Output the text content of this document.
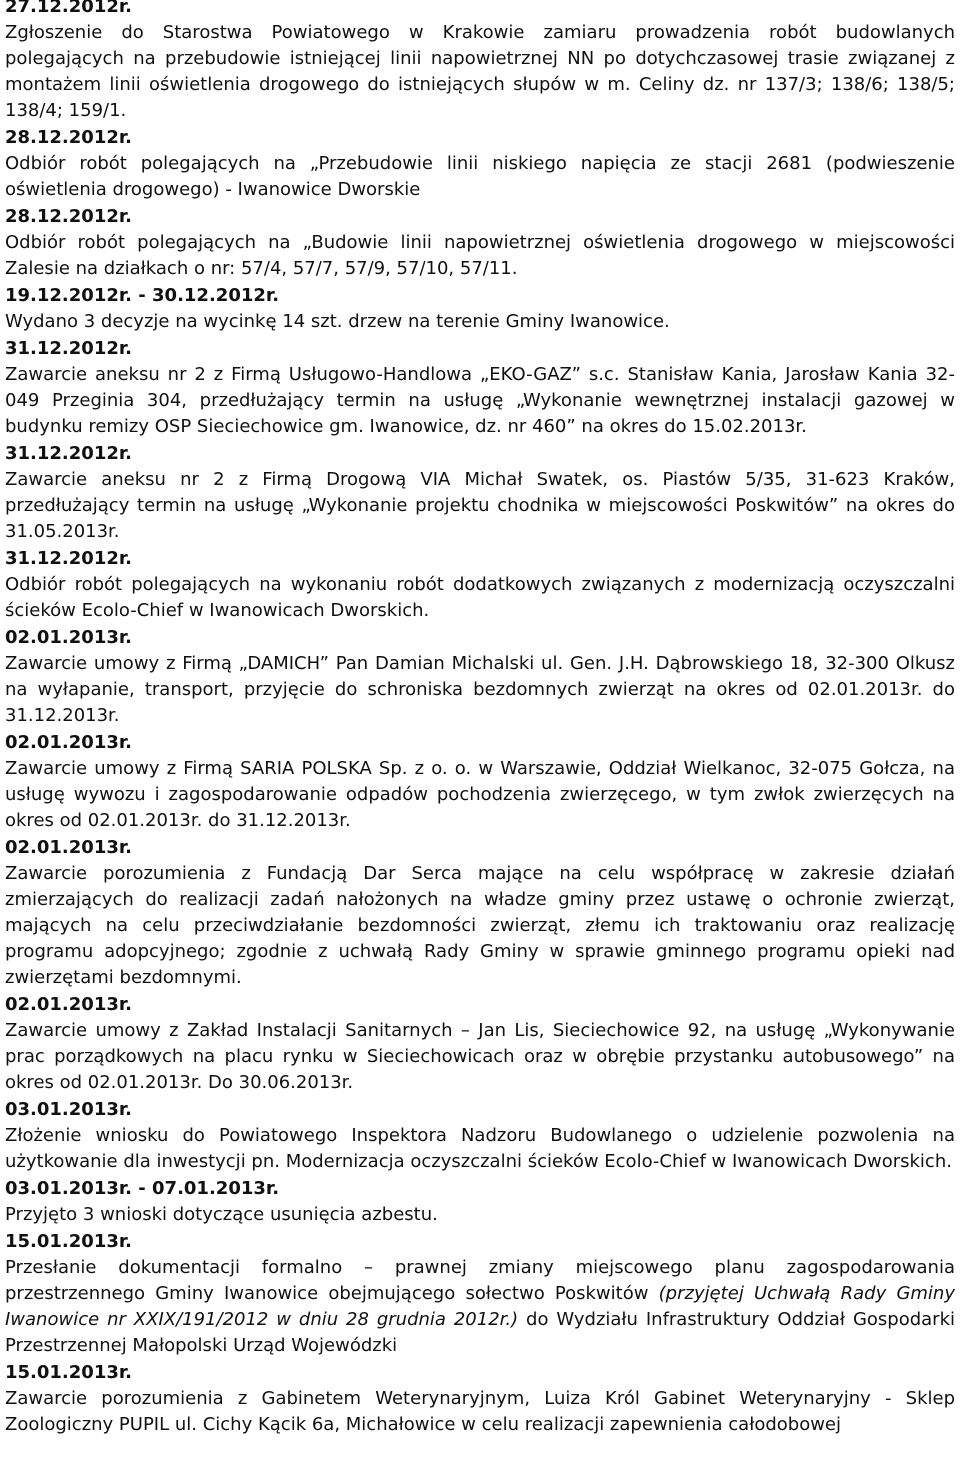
27.12.2012r.
Zgłoszenie do Starostwa Powiatowego w Krakowie zamiaru prowadzenia robót budowlanych polegających na przebudowie istniejącej linii napowietrznej NN po dotychczasowej trasie związanej z montażem linii oświetlenia drogowego do istniejących słupów w m. Celiny dz. nr 137/3; 138/6; 138/5; 138/4; 159/1.
28.12.2012r.
Odbiór robót polegających na „Przebudowie linii niskiego napięcia ze stacji 2681 (podwieszenie oświetlenia drogowego) - Iwanowice Dworskie
28.12.2012r.
Odbiór robót polegających na „Budowie linii napowietrznej oświetlenia drogowego w miejscowości Zalesie na działkach o nr: 57/4, 57/7, 57/9, 57/10, 57/11.
19.12.2012r. - 30.12.2012r.
Wydano 3 decyzje na wycinkę 14 szt. drzew na terenie Gminy Iwanowice.
31.12.2012r.
Zawarcie aneksu nr 2 z Firmą Usługowo-Handlowa „EKO-GAZ” s.c. Stanisław Kania, Jarosław Kania 32-049 Przeginia 304, przedłużający termin na usługę „Wykonanie wewnętrznej instalacji gazowej w budynku remizy OSP Sieciechowice gm. Iwanowice, dz. nr 460” na okres do 15.02.2013r.
31.12.2012r.
Zawarcie aneksu nr 2 z Firmą Drogową VIA Michał Swatek, os. Piastów 5/35, 31-623 Kraków, przedłużający termin na usługę „Wykonanie projektu chodnika w miejscowości Poskwitów” na okres do 31.05.2013r.
31.12.2012r.
Odbiór robót polegających na wykonaniu robót dodatkowych związanych z modernizacją oczyszczalni ścieków Ecolo-Chief w Iwanowicach Dworskich.
02.01.2013r.
Zawarcie umowy z Firmą „DAMICH” Pan Damian Michalski ul. Gen. J.H. Dąbrowskiego 18, 32-300 Olkusz na wyłapanie, transport, przyjęcie do schroniska bezdomnych zwierząt na okres od 02.01.2013r. do 31.12.2013r.
02.01.2013r.
Zawarcie umowy z Firmą SARIA POLSKA Sp. z o. o. w Warszawie, Oddział Wielkanoc, 32-075 Gołcza, na usługę wywozu i zagospodarowanie odpadów pochodzenia zwierzęcego, w tym zwłok zwierzęcych na okres od 02.01.2013r. do 31.12.2013r.
02.01.2013r.
Zawarcie porozumienia z Fundacją Dar Serca mające na celu współpracę w zakresie działań zmierzających do realizacji zadań nałożonych na władze gminy przez ustawę o ochronie zwierząt, mających na celu przeciwdziałanie bezdomności zwierząt, złemu ich traktowaniu oraz realizację programu adopcyjnego; zgodnie z uchwałą Rady Gminy w sprawie gminnego programu opieki nad zwierzętami bezdomnymi.
02.01.2013r.
Zawarcie umowy z Zakład Instalacji Sanitarnych – Jan Lis, Sieciechowice 92, na usługę „Wykonywanie prac porządkowych na placu rynku w Sieciechowicach oraz w obrębie przystanku autobusowego” na okres od 02.01.2013r. Do 30.06.2013r.
03.01.2013r.
Złożenie wniosku do Powiatowego Inspektora Nadzoru Budowlanego o udzielenie pozwolenia na użytkowanie dla inwestycji pn. Modernizacja oczyszczalni ścieków Ecolo-Chief w Iwanowicach Dworskich.
03.01.2013r. - 07.01.2013r.
Przyjęto 3 wnioski dotyczące usunięcia azbestu.
15.01.2013r.
Przesłanie dokumentacji formalno – prawnej zmiany miejscowego planu zagospodarowania przestrzennego Gminy Iwanowice obejmującego sołectwo Poskwitów (przyjętej Uchwałą Rady Gminy Iwanowice nr XXIX/191/2012 w dniu 28 grudnia 2012r.) do Wydziału Infrastruktury Oddział Gospodarki Przestrzennej Małopolski Urząd Wojewódzki
15.01.2013r.
Zawarcie porozumienia z Gabinetem Weterynaryjnym, Luiza Król Gabinet Weterynaryjny - Sklep Zoologiczny PUPIL ul. Cichy Kącik 6a, Michałowice w celu realizacji zapewnienia całodobowej
